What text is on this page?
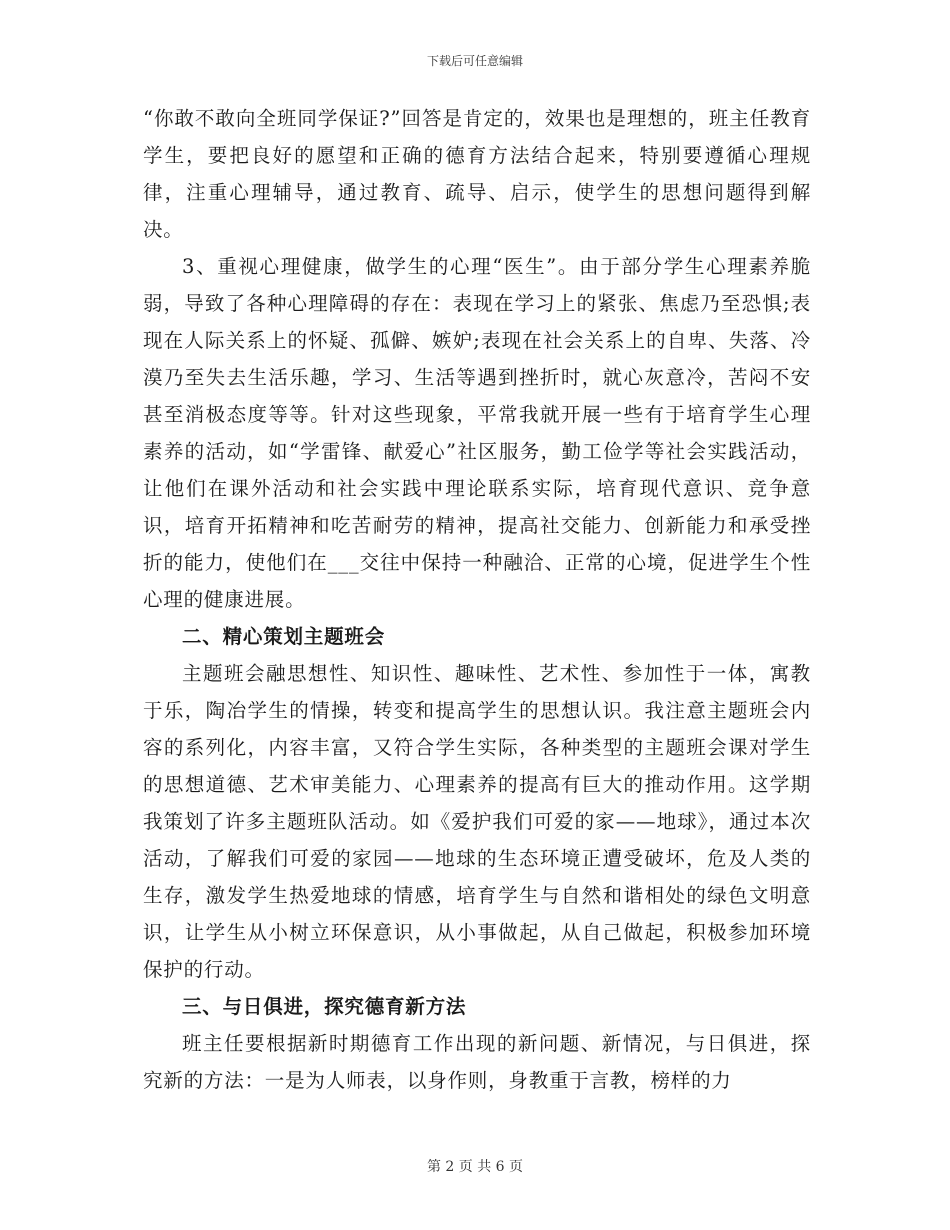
下载后可任意编辑

“你敢不敢向全班同学保证?”回答是肯定的，效果也是理想的，班主任教育学生，要把良好的愿望和正确的德育方法结合起来，特别要遵循心理规律，注重心理辅导，通过教育、疏导、启示，使学生的思想问题得到解决。

3、重视心理健康，做学生的心理“医生”。由于部分学生心理素养脆弱，导致了各种心理障碍的存在：表现在学习上的紧张、焦虑乃至恐惧;表现在人际关系上的怀疑、孤僻、嫉妒;表现在社会关系上的自卑、失落、冷漠乃至失去生活乐趣，学习、生活等遇到挫折时，就心灰意冷，苦闷不安甚至消极态度等等。针对这些现象，平常我就开展一些有于培育学生心理素养的活动，如“学雷锋、献爱心”社区服务，勤工俭学等社会实践活动，让他们在课外活动和社会实践中理论联系实际，培育现代意识、竞争意识，培育开拓精神和吃苦耐劳的精神，提高社交能力、创新能力和承受挫折的能力，使他们在___交往中保持一种融洽、正常的心境，促进学生个性心理的健康进展。

二、精心策划主题班会

主题班会融思想性、知识性、趣味性、艺术性、参加性于一体，寓教于乐，陶冶学生的情操，转变和提高学生的思想认识。我注意主题班会内容的系列化，内容丰富，又符合学生实际，各种类型的主题班会课对学生的思想道德、艺术审美能力、心理素养的提高有巨大的推动作用。这学期我策划了许多主题班队活动。如《爱护我们可爱的家——地球》，通过本次活动，了解我们可爱的家园——地球的生态环境正遭受破坏，危及人类的生存，激发学生热爱地球的情感，培育学生与自然和谐相处的绿色文明意识，让学生从小树立环保意识，从小事做起，从自己做起，积极参加环境保护的行动。

三、与日俱进，探究德育新方法

班主任要根据新时期德育工作出现的新问题、新情况，与日俱进，探究新的方法：一是为人师表，以身作则，身教重于言教，榜样的力

第 2 页 共 6 页
